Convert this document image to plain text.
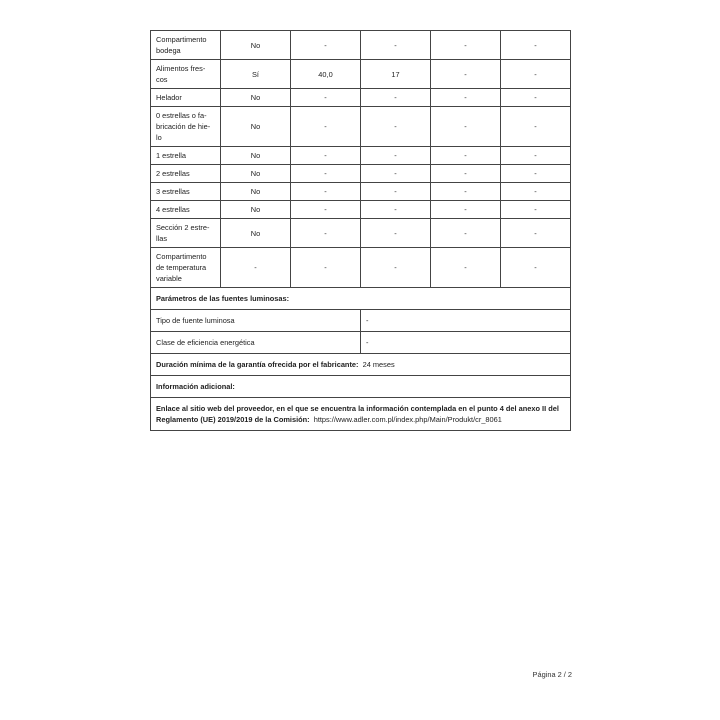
Compartimento bodega	No	-	-	-	-
Alimentos fres-cos	Sí	40,0	17	-	-
Helador	No	-	-	-	-
0 estrellas o fa-bricación de hie-lo	No	-	-	-	-
1 estrella	No	-	-	-	-
2 estrellas	No	-	-	-	-
3 estrellas	No	-	-	-	-
4 estrellas	No	-	-	-	-
Sección 2 estre-llas	No	-	-	-	-
Compartimento de temperatura variable	-	-	-	-	-
Parámetros de las fuentes luminosas:					
Tipo de fuente luminosa			-		
Clase de eficiencia energética			-		
Duración mínima de la garantía ofrecida por el fabricante: 24 meses					
Información adicional:					
Enlace al sitio web del proveedor, en el que se encuentra la información contemplada en el punto 4 del anexo II del Reglamento (UE) 2019/2019 de la Comisión: https://www.adler.com.pl/index.php/Main/Produkt/cr_8061					
Página 2 / 2
